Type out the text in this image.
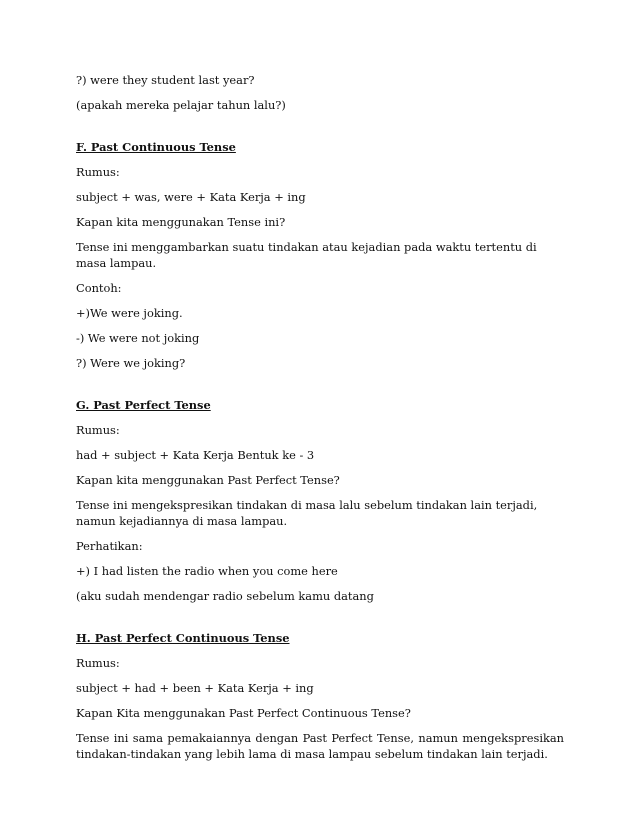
?) were they student last year?

(apakah mereka pelajar tahun lalu?)

F. Past Continuous Tense

Rumus:

subject + was, were + Kata Kerja + ing

Kapan kita menggunakan Tense ini?

Tense ini menggambarkan suatu tindakan atau kejadian pada waktu tertentu di masa lampau.

Contoh:

+)We were joking.

-) We were not joking

?) Were we joking?

G. Past Perfect Tense

Rumus:

had + subject + Kata Kerja Bentuk ke - 3

Kapan kita menggunakan Past Perfect Tense?

Tense ini mengekspresikan tindakan di masa lalu sebelum tindakan lain terjadi, namun kejadiannya di masa lampau.

Perhatikan:

+) I had listen the radio when you come here

(aku sudah mendengar radio sebelum kamu datang

H. Past Perfect Continuous Tense

Rumus:

subject + had + been + Kata Kerja + ing

Kapan Kita menggunakan Past Perfect Continuous Tense?

Tense ini sama pemakaiannya dengan Past Perfect Tense, namun mengekspresikan tindakan-tindakan yang lebih lama di masa lampau sebelum tindakan lain terjadi.
